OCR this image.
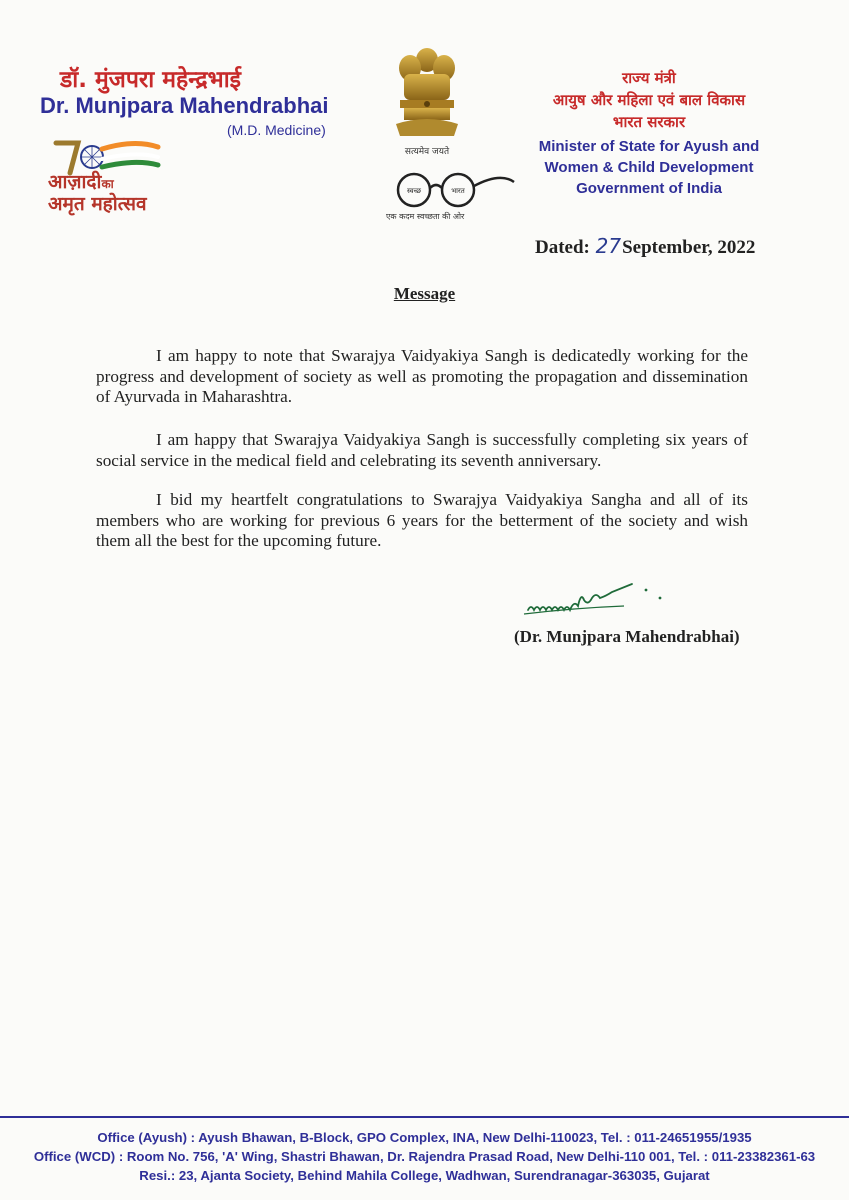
डॉ. मुंजपरा महेन्द्रभाई
Dr. Munjpara Mahendrabhai
(M.D. Medicine)
आज़ादीका
अमृत महोत्सव
सत्यमेव जयते
स्वच्छ	भारत
एक कदम स्वच्छता की ओर
राज्य मंत्री
आयुष और महिला एवं बाल विकास
भारत सरकार
Minister of State for Ayush and
Women & Child Development
Government of India
Dated: 27September, 2022
Message
I am happy to note that Swarajya Vaidyakiya Sangh is dedicatedly working for the progress and development of society as well as promoting the propagation and dissemination of Ayurvada in Maharashtra.
I am happy that Swarajya Vaidyakiya Sangh is successfully completing six years of social service in the medical field and celebrating its seventh anniversary.
I bid my heartfelt congratulations to Swarajya Vaidyakiya Sangha and all of its members who are working for previous 6 years for the betterment of the society and wish them all the best for the upcoming future.
(Dr. Munjpara Mahendrabhai)
Office (Ayush) : Ayush Bhawan, B-Block, GPO Complex, INA, New Delhi-110023, Tel. : 011-24651955/1935
Office (WCD) : Room No. 756, 'A' Wing, Shastri Bhawan, Dr. Rajendra Prasad Road, New Delhi-110 001, Tel. : 011-23382361-63
Resi.: 23, Ajanta Society, Behind Mahila College, Wadhwan, Surendranagar-363035, Gujarat
